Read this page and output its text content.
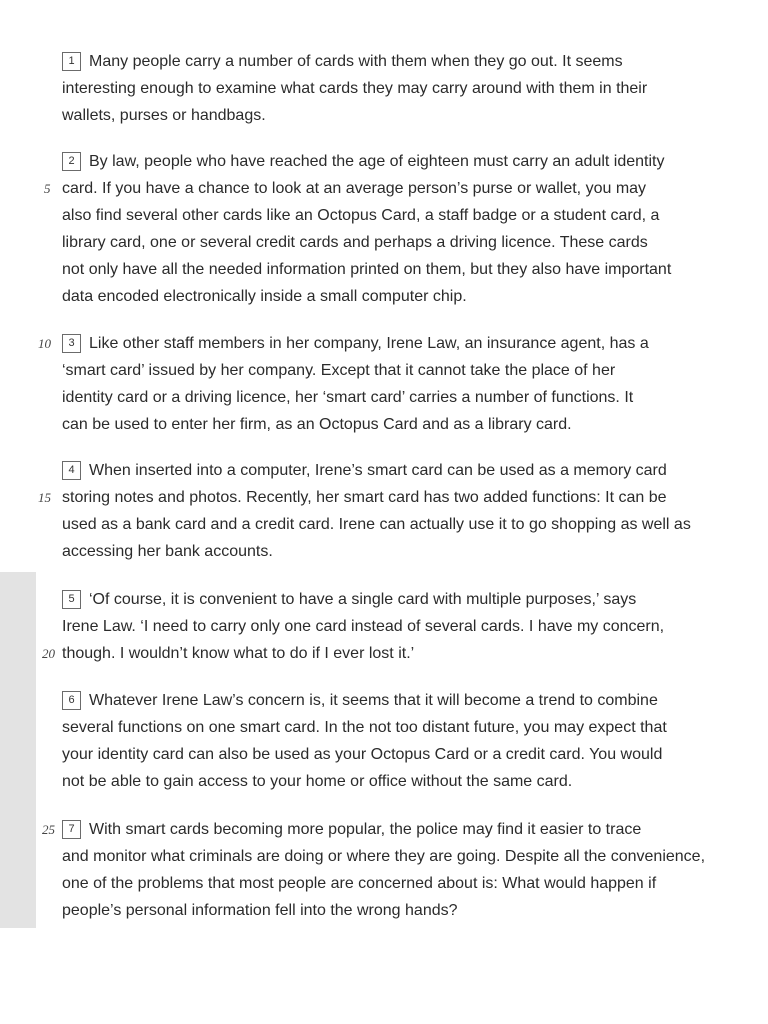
1 Many people carry a number of cards with them when they go out. It seems
interesting enough to examine what cards they may carry around with them in their
wallets, purses or handbags.
2 By law, people who have reached the age of eighteen must carry an adult identity
card. If you have a chance to look at an average person’s purse or wallet, you may
also find several other cards like an Octopus Card, a staff badge or a student card, a
library card, one or several credit cards and perhaps a driving licence. These cards
not only have all the needed information printed on them, but they also have important
data encoded electronically inside a small computer chip.
3 Like other staff members in her company, Irene Law, an insurance agent, has a
‘smart card’ issued by her company. Except that it cannot take the place of her
identity card or a driving licence, her ‘smart card’ carries a number of functions. It
can be used to enter her firm, as an Octopus Card and as a library card.
4 When inserted into a computer, Irene’s smart card can be used as a memory card
storing notes and photos. Recently, her smart card has two added functions: It can be
used as a bank card and a credit card. Irene can actually use it to go shopping as well as
accessing her bank accounts.
5 ‘Of course, it is convenient to have a single card with multiple purposes,’ says
Irene Law. ‘I need to carry only one card instead of several cards. I have my concern,
though. I wouldn’t know what to do if I ever lost it.’
6 Whatever Irene Law’s concern is, it seems that it will become a trend to combine
several functions on one smart card. In the not too distant future, you may expect that
your identity card can also be used as your Octopus Card or a credit card. You would
not be able to gain access to your home or office without the same card.
7 With smart cards becoming more popular, the police may find it easier to trace
and monitor what criminals are doing or where they are going. Despite all the convenience,
one of the problems that most people are concerned about is: What would happen if
people’s personal information fell into the wrong hands?
5
10
15
20
25
